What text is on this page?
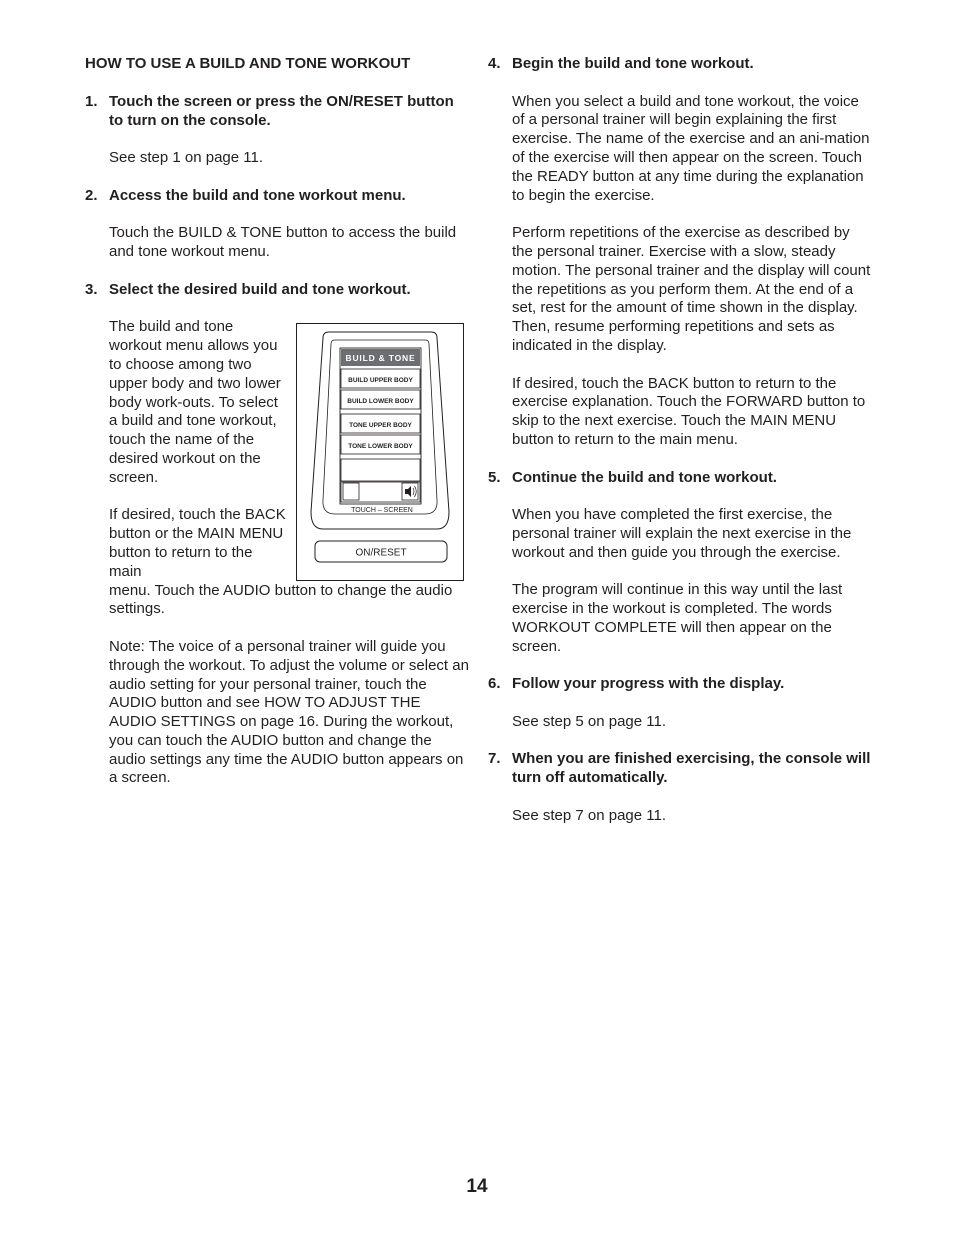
HOW TO USE A BUILD AND TONE WORKOUT
1. Touch the screen or press the ON/RESET button to turn on the console.

See step 1 on page 11.

2. Access the build and tone workout menu.

Touch the BUILD & TONE button to access the build and tone workout menu.

3. Select the desired build and tone workout.

The build and tone workout menu allows you to choose among two upper body and two lower body work-outs. To select a build and tone workout, touch the name of the desired workout on the screen.

If desired, touch the BACK button or the MAIN MENU button to return to the main

menu. Touch the AUDIO button to change the audio settings.

Note: The voice of a personal trainer will guide you through the workout. To adjust the volume or select an audio setting for your personal trainer, touch the AUDIO button and see HOW TO ADJUST THE AUDIO SETTINGS on page 16. During the workout, you can touch the AUDIO button and change the audio settings any time the AUDIO button appears on a screen.

BUILD & TONE
BUILD UPPER BODY
BUILD LOWER BODY
TONE UPPER BODY
TONE LOWER BODY
TOUCH – SCREEN
ON/RESET
4. Begin the build and tone workout.

When you select a build and tone workout, the voice of a personal trainer will begin explaining the first exercise. The name of the exercise and an ani-mation of the exercise will then appear on the screen. Touch the READY button at any time during the explanation to begin the exercise.

Perform repetitions of the exercise as described by the personal trainer. Exercise with a slow, steady motion. The personal trainer and the display will count the repetitions as you perform them. At the end of a set, rest for the amount of time shown in the display. Then, resume performing repetitions and sets as indicated in the display.

If desired, touch the BACK button to return to the exercise explanation. Touch the FORWARD button to skip to the next exercise. Touch the MAIN MENU button to return to the main menu.

5. Continue the build and tone workout.

When you have completed the first exercise, the personal trainer will explain the next exercise in the workout and then guide you through the exercise.

The program will continue in this way until the last exercise in the workout is completed. The words WORKOUT COMPLETE will then appear on the screen.

6. Follow your progress with the display.

See step 5 on page 11.

7. When you are finished exercising, the console will turn off automatically.

See step 7 on page 11.

14
